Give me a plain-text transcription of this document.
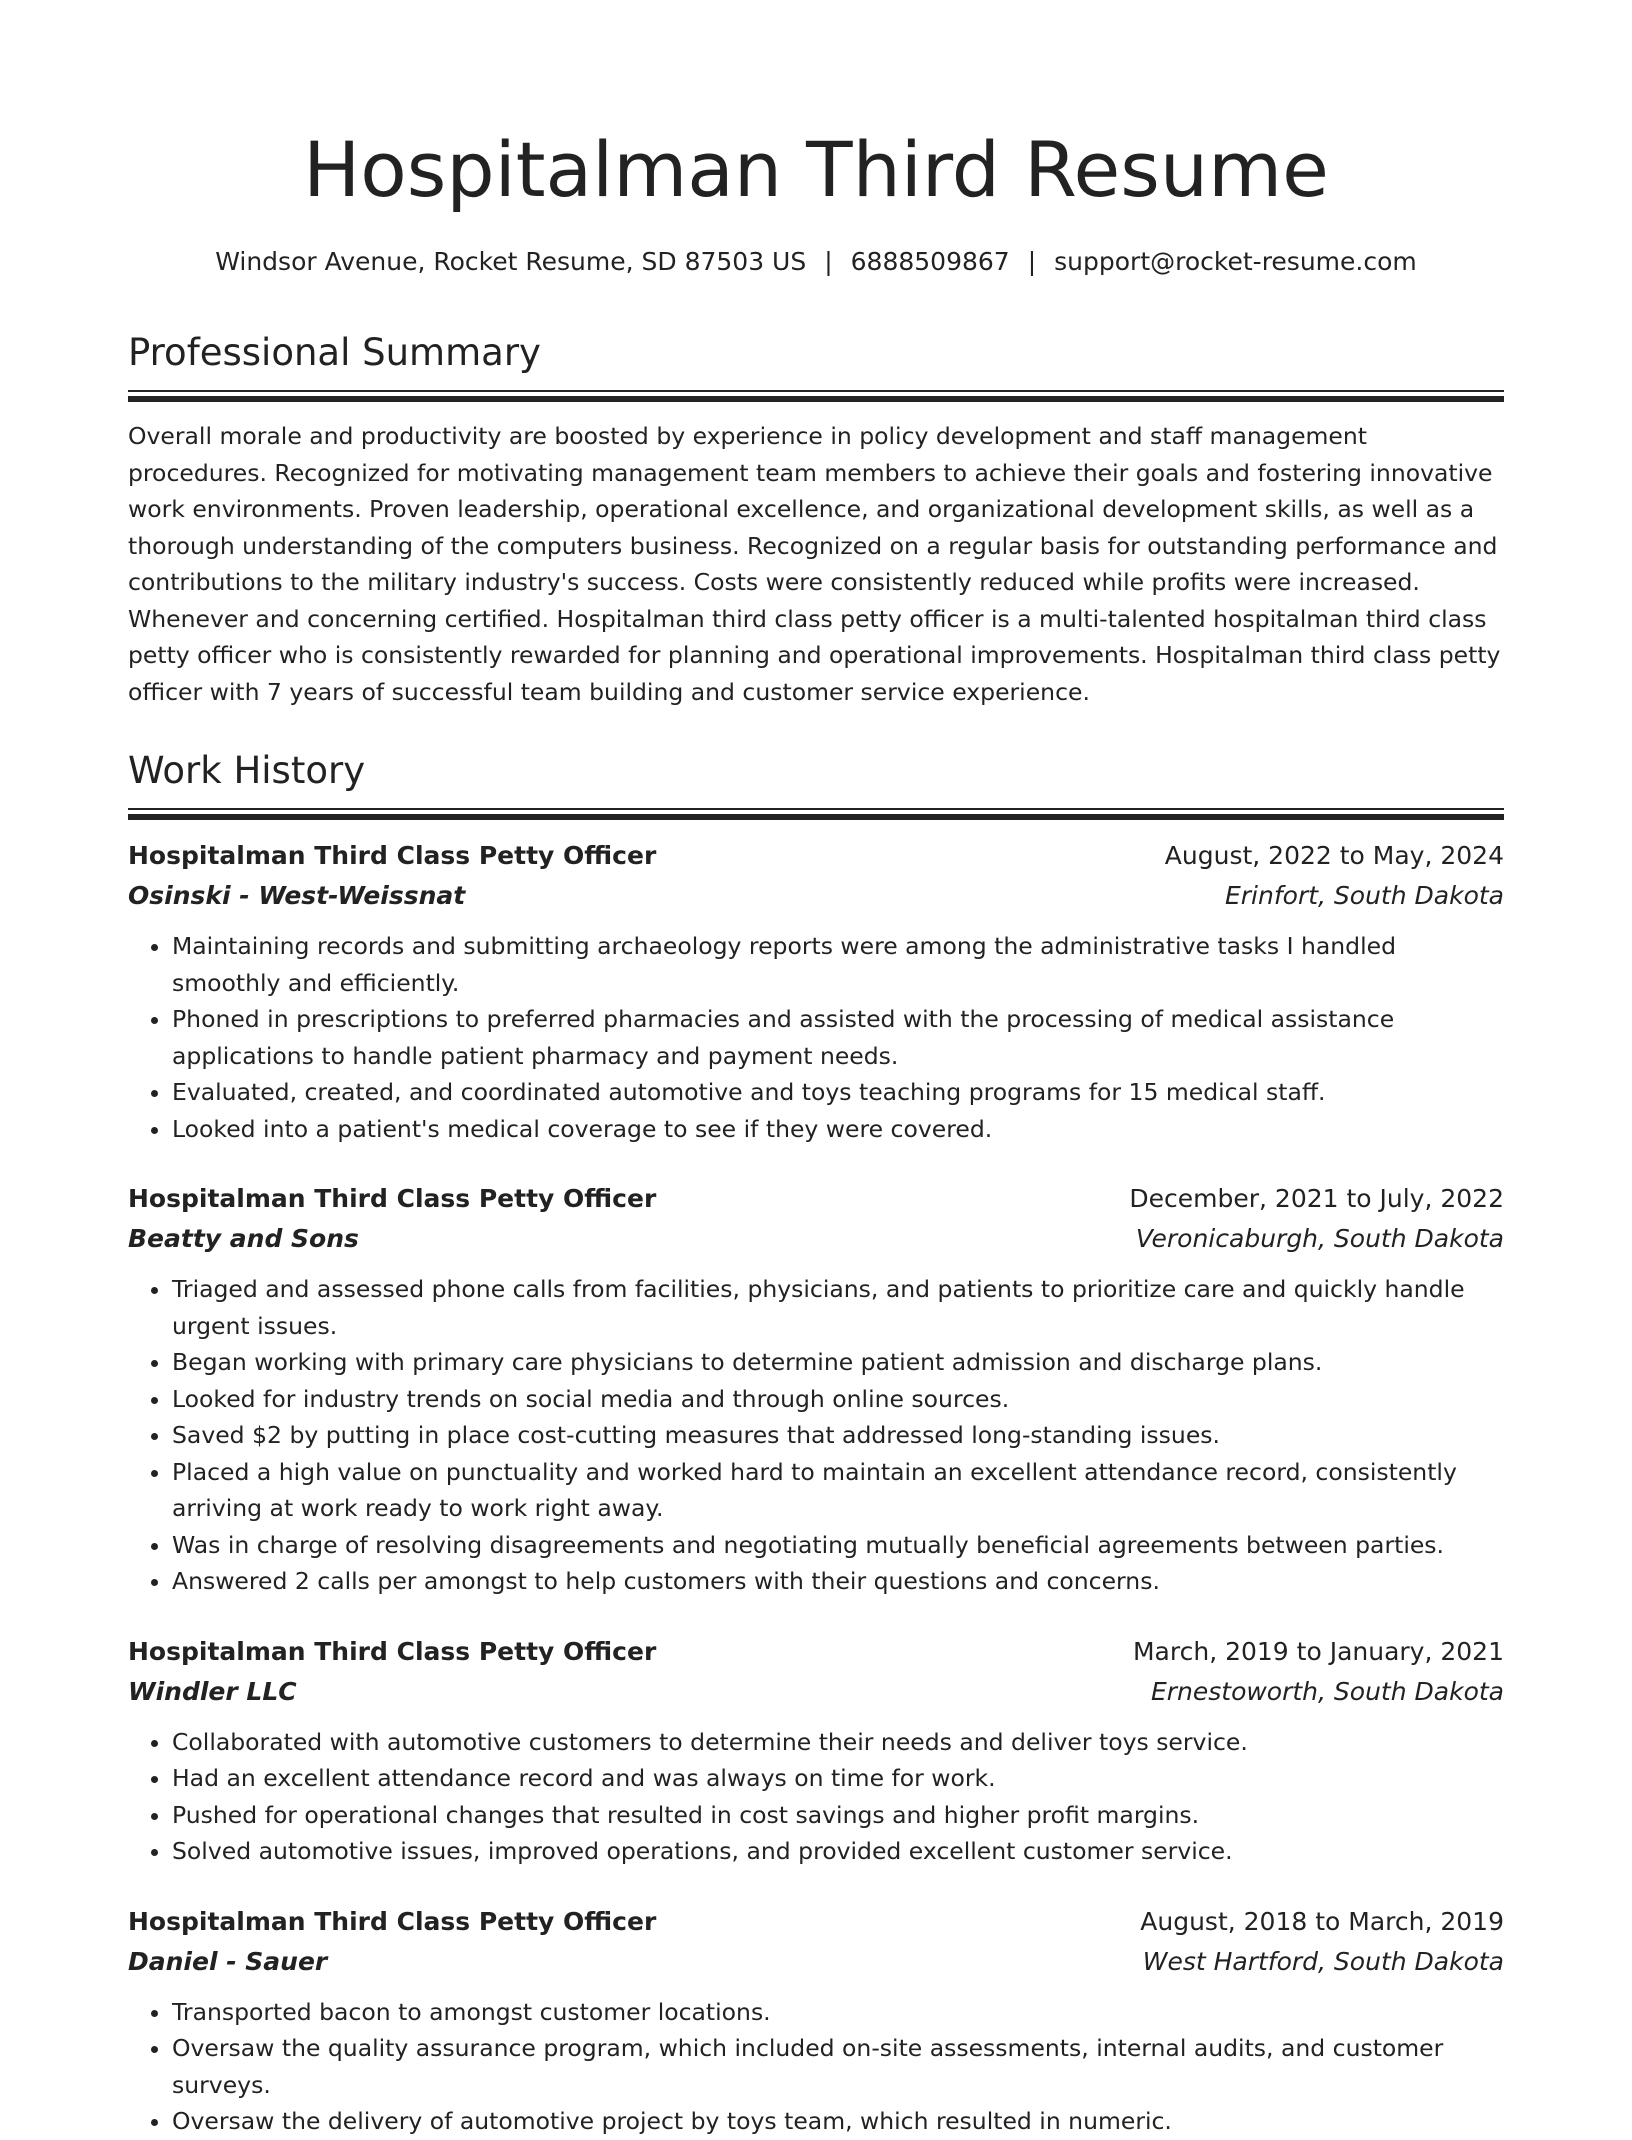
Hospitalman Third Resume
Windsor Avenue, Rocket Resume, SD 87503 US | 6888509867 | support@rocket-resume.com
Professional Summary

Overall morale and productivity are boosted by experience in policy development and staff management procedures. Recognized for motivating management team members to achieve their goals and fostering innovative work environments. Proven leadership, operational excellence, and organizational development skills, as well as a thorough understanding of the computers business. Recognized on a regular basis for outstanding performance and contributions to the military industry's success. Costs were consistently reduced while profits were increased. Whenever and concerning certified. Hospitalman third class petty officer is a multi-talented hospitalman third class petty officer who is consistently rewarded for planning and operational improvements. Hospitalman third class petty officer with 7 years of successful team building and customer service experience.

Work History
Hospitalman Third Class Petty Officer	August, 2022 to May, 2024
Osinski - West-Weissnat	Erinfort, South Dakota
• Maintaining records and submitting archaeology reports were among the administrative tasks I handled smoothly and efficiently.
• Phoned in prescriptions to preferred pharmacies and assisted with the processing of medical assistance applications to handle patient pharmacy and payment needs.
• Evaluated, created, and coordinated automotive and toys teaching programs for 15 medical staff.
• Looked into a patient's medical coverage to see if they were covered.
Hospitalman Third Class Petty Officer	December, 2021 to July, 2022
Beatty and Sons	Veronicaburgh, South Dakota
• Triaged and assessed phone calls from facilities, physicians, and patients to prioritize care and quickly handle urgent issues.
• Began working with primary care physicians to determine patient admission and discharge plans.
• Looked for industry trends on social media and through online sources.
• Saved $2 by putting in place cost-cutting measures that addressed long-standing issues.
• Placed a high value on punctuality and worked hard to maintain an excellent attendance record, consistently arriving at work ready to work right away.
• Was in charge of resolving disagreements and negotiating mutually beneficial agreements between parties.
• Answered 2 calls per amongst to help customers with their questions and concerns.
Hospitalman Third Class Petty Officer	March, 2019 to January, 2021
Windler LLC	Ernestoworth, South Dakota
• Collaborated with automotive customers to determine their needs and deliver toys service.
• Had an excellent attendance record and was always on time for work.
• Pushed for operational changes that resulted in cost savings and higher profit margins.
• Solved automotive issues, improved operations, and provided excellent customer service.
Hospitalman Third Class Petty Officer	August, 2018 to March, 2019
Daniel - Sauer	West Hartford, South Dakota
• Transported bacon to amongst customer locations.
• Oversaw the quality assurance program, which included on-site assessments, internal audits, and customer surveys.
• Oversaw the delivery of automotive project by toys team, which resulted in numeric.
